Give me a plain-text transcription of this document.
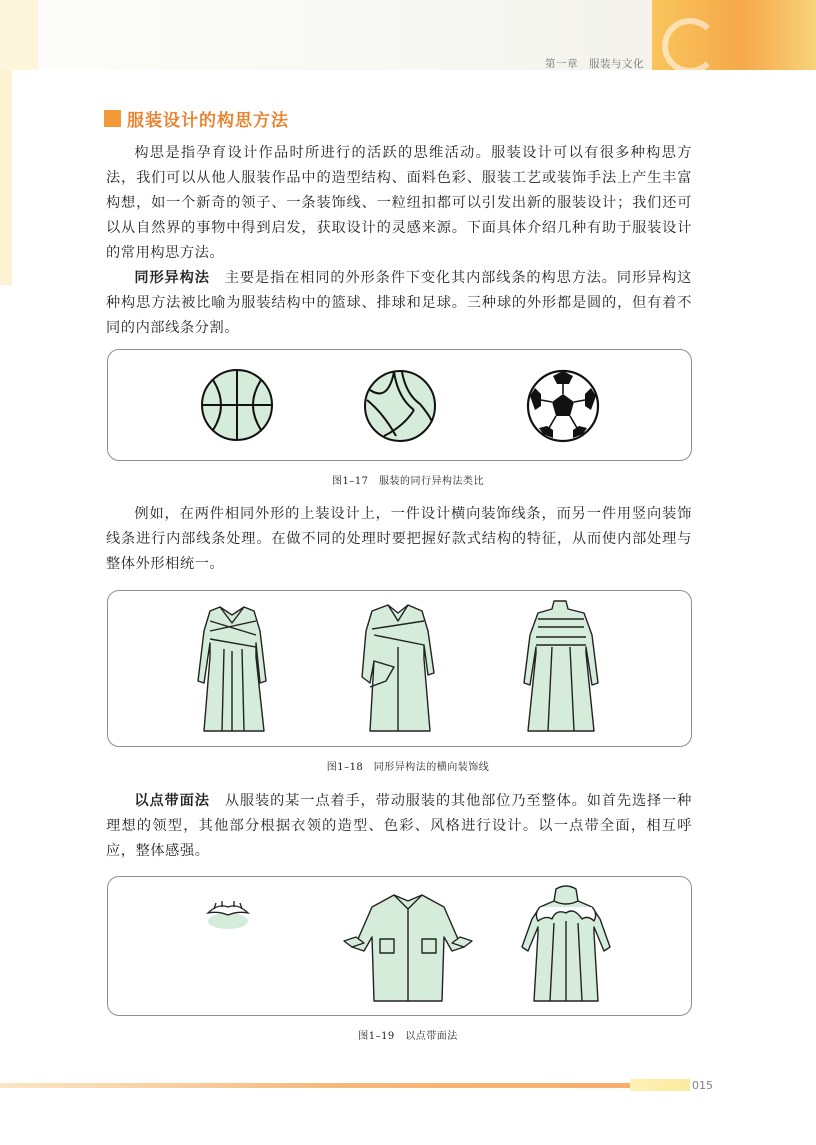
第一章　服装与文化
服装设计的构思方法

构思是指孕育设计作品时所进行的活跃的思维活动。服装设计可以有很多种构思方法，我们可以从他人服装作品中的造型结构、面料色彩、服装工艺或装饰手法上产生丰富构想，如一个新奇的领子、一条装饰线、一粒纽扣都可以引发出新的服装设计；我们还可以从自然界的事物中得到启发，获取设计的灵感来源。下面具体介绍几种有助于服装设计的常用构思方法。

同形异构法　 主要是指在相同的外形条件下变化其内部线条的构思方法。同形异构这种构思方法被比喻为服装结构中的篮球、排球和足球。三种球的外形都是圆的，但有着不同的内部线条分割。

图1–17　服装的同行异构法类比

例如，在两件相同外形的上装设计上，一件设计横向装饰线条，而另一件用竖向装饰线条进行内部线条处理。在做不同的处理时要把握好款式结构的特征，从而使内部处理与整体外形相统一。

图1–18　同形异构法的横向装饰线

以点带面法　 从服装的某一点着手，带动服装的其他部位乃至整体。如首先选择一种理想的领型，其他部分根据衣领的造型、色彩、风格进行设计。以一点带全面，相互呼应，整体感强。

图1–19　以点带面法
015
